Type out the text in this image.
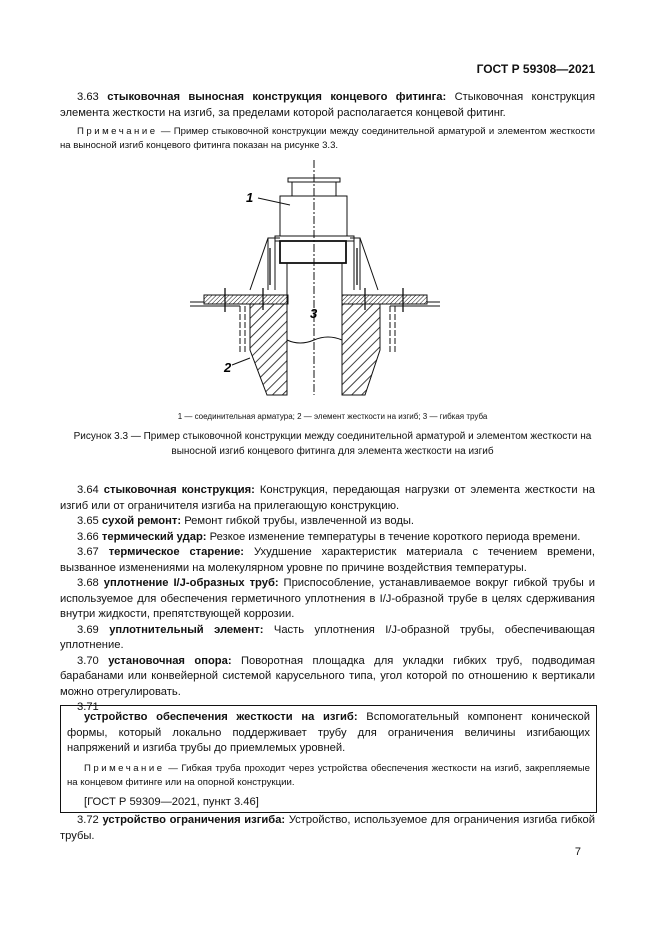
ГОСТ Р 59308—2021

3.63 стыковочная выносная конструкция концевого фитинга: Стыковочная конструкция элемента жесткости на изгиб, за пределами которой располагается концевой фитинг.

Примечание — Пример стыковочной конструкции между соединительной арматурой и элементом жесткости на выносной изгиб концевого фитинга показан на рисунке 3.3.

1
2
3
1 — соединительная арматура; 2 — элемент жесткости на изгиб; 3 — гибкая труба
Рисунок 3.3 — Пример стыковочной конструкции между соединительной арматурой и элементом жесткости на выносной изгиб концевого фитинга для элемента жесткости на изгиб

3.64 стыковочная конструкция: Конструкция, передающая нагрузки от элемента жесткости на изгиб или от ограничителя изгиба на прилегающую конструкцию.

3.65 сухой ремонт: Ремонт гибкой трубы, извлеченной из воды.

3.66 термический удар: Резкое изменение температуры в течение короткого периода времени.

3.67 термическое старение: Ухудшение характеристик материала с течением времени, вызванное изменениями на молекулярном уровне по причине воздействия температуры.

3.68 уплотнение I/J-образных труб: Приспособление, устанавливаемое вокруг гибкой трубы и используемое для обеспечения герметичного уплотнения в I/J-образной трубе в целях сдерживания внутри жидкости, препятствующей коррозии.

3.69 уплотнительный элемент: Часть уплотнения I/J-образной трубы, обеспечивающая уплотнение.

3.70 установочная опора: Поворотная площадка для укладки гибких труб, подводимая барабанами или конвейерной системой карусельного типа, угол которой по отношению к вертикали можно отрегулировать.

3.71

устройство обеспечения жесткости на изгиб: Вспомогательный компонент конической формы, который локально поддерживает трубу для ограничения величины изгибающих напряжений и изгиба трубы до приемлемых уровней.

Примечание — Гибкая труба проходит через устройства обеспечения жесткости на изгиб, закрепляемые на концевом фитинге или на опорной конструкции.

[ГОСТ Р 59309—2021, пункт 3.46]

3.72 устройство ограничения изгиба: Устройство, используемое для ограничения изгиба гибкой трубы.

7
